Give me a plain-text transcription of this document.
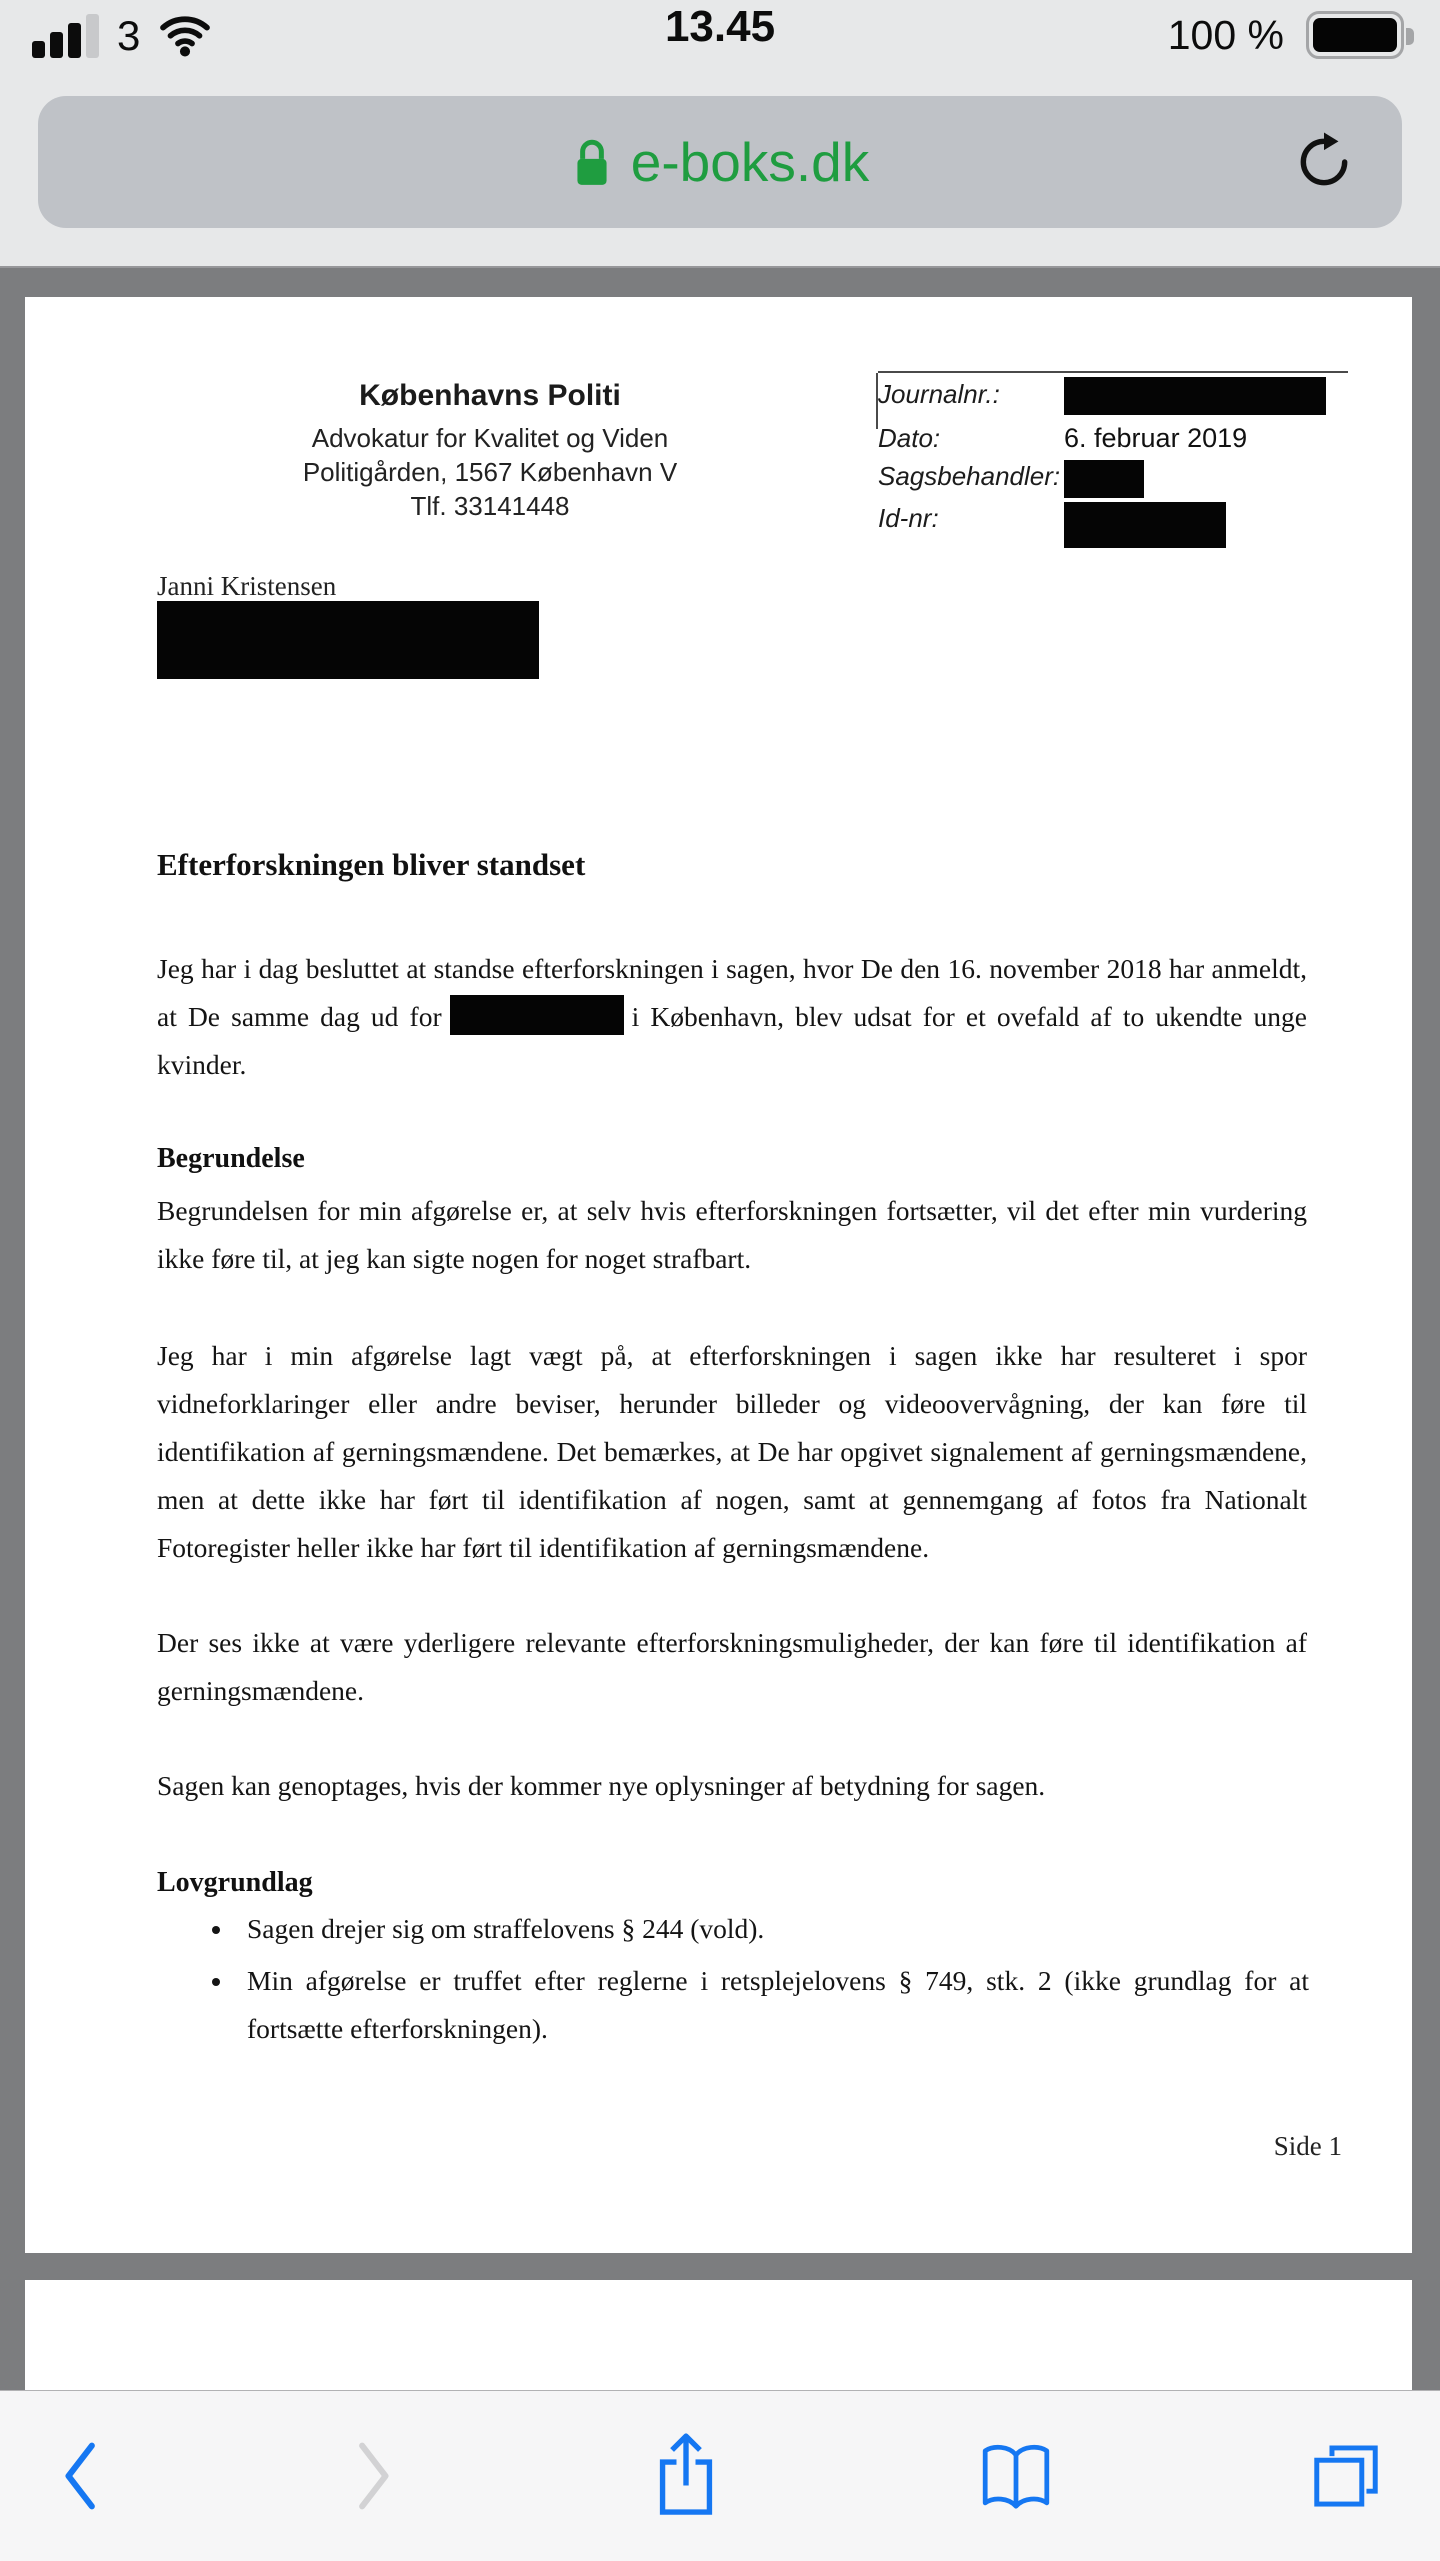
3	13.45	100 %
e-boks.dk
Københavns Politi
Advokatur for Kvalitet og Viden
Politigården, 1567 København V
Tlf. 33141448
Journalnr.:
Dato:	6. februar 2019
Sagsbehandler:
Id-nr:
Janni Kristensen
Efterforskningen bliver standset

Jeg har i dag besluttet at standse efterforskningen i sagen, hvor De den 16. november 2018 har anmeldt, at De samme dag ud for	i København, blev udsat for et ovefald af to ukendte unge kvinder.

Begrundelse

Begrundelsen for min afgørelse er, at selv hvis efterforskningen fortsætter, vil det efter min vurdering ikke føre til, at jeg kan sigte nogen for noget strafbart.

Jeg har i min afgørelse lagt vægt på, at efterforskningen i sagen ikke har resulteret i spor vidneforklaringer eller andre beviser, herunder billeder og videoovervågning, der kan føre til identifikation af gerningsmændene. Det bemærkes, at De har opgivet signalement af gerningsmændene, men at dette ikke har ført til identifikation af nogen, samt at gennemgang af fotos fra Nationalt Fotoregister heller ikke har ført til identifikation af gerningsmændene.

Der ses ikke at være yderligere relevante efterforskningsmuligheder, der kan føre til identifikation af gerningsmændene.

Sagen kan genoptages, hvis der kommer nye oplysninger af betydning for sagen.

Lovgrundlag
• Sagen drejer sig om straffelovens § 244 (vold).
• Min afgørelse er truffet efter reglerne i retsplejelovens § 749, stk. 2 (ikke grundlag for at fortsætte efterforskningen).
Side 1
